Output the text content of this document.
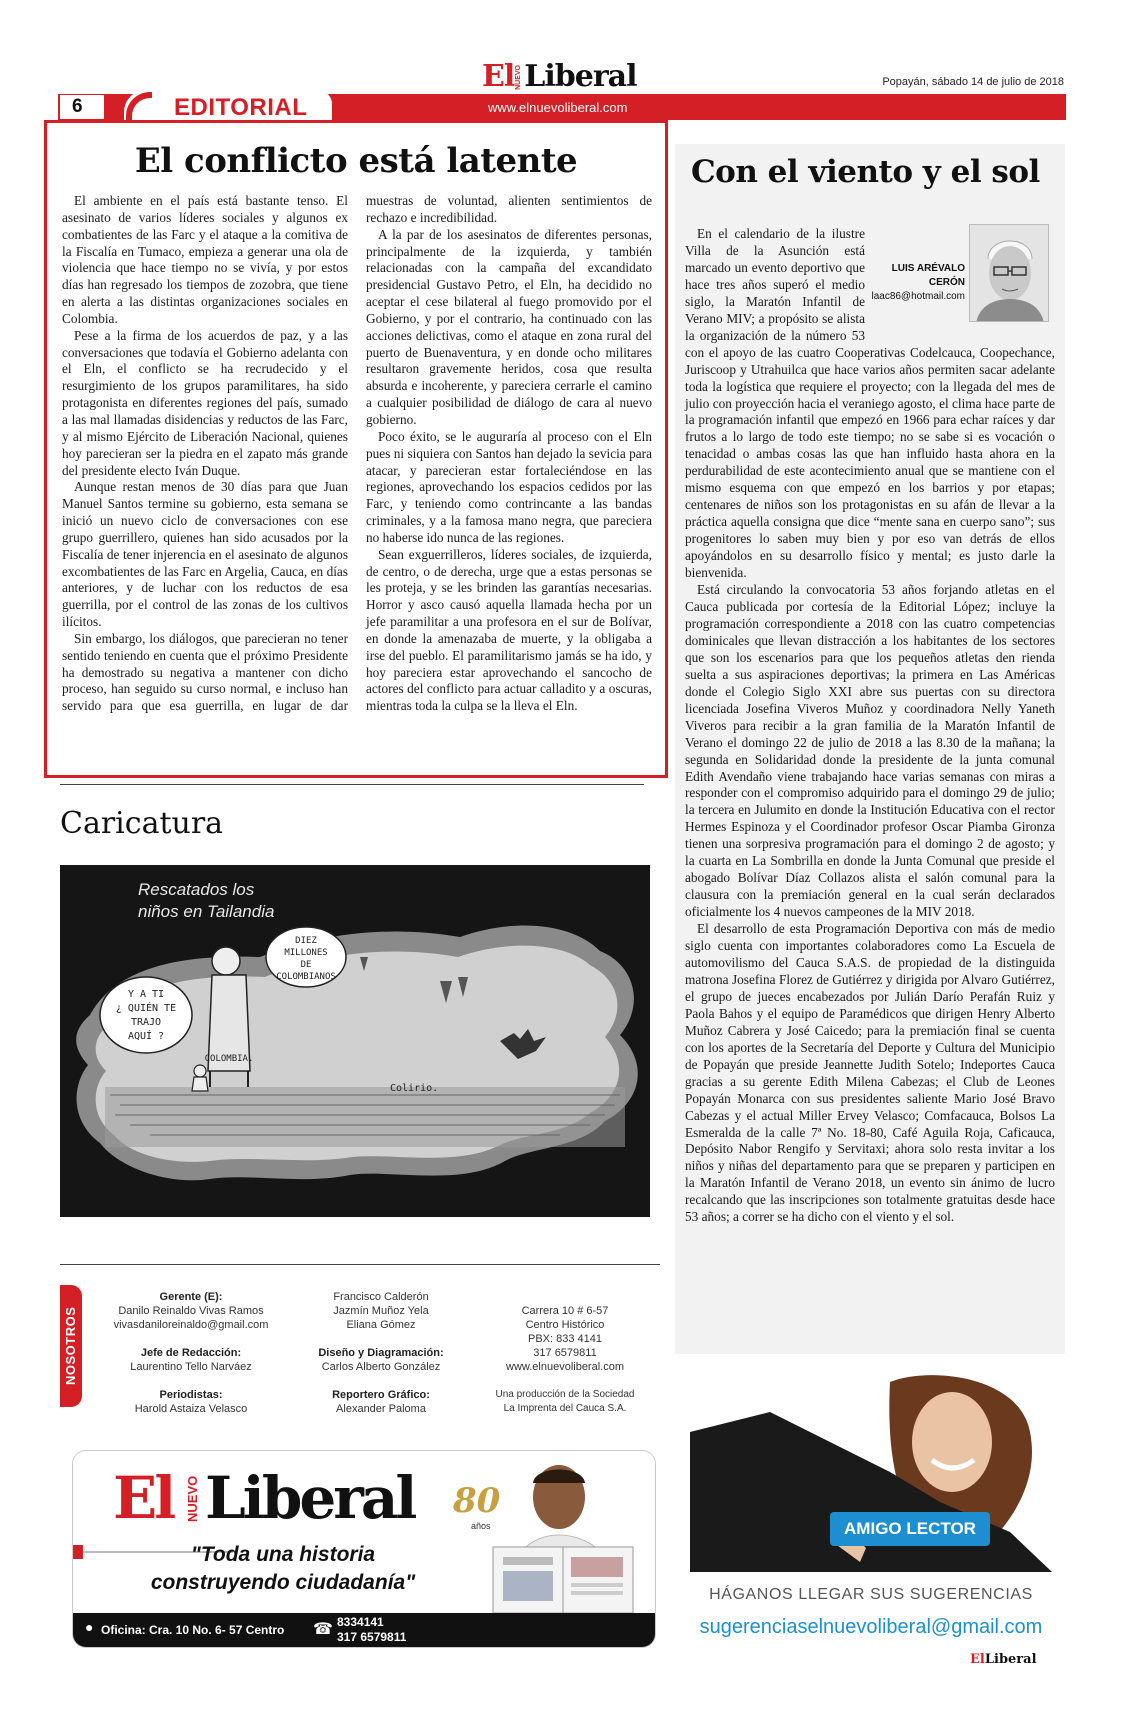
El NUEVO Liberal	Popayán, sábado 14 de julio de 2018
www.elnuevoliberal.com
6	EDITORIAL
El conflicto está latente

El ambiente en el país está bastante tenso. El asesinato de varios líderes sociales y algunos ex combatientes de las Farc y el ataque a la comitiva de la Fiscalía en Tumaco, empieza a generar una ola de violencia que hace tiempo no se vivía, y por estos días han regresado los tiempos de zozobra, que tiene en alerta a las distintas organizaciones sociales en Colombia.

Pese a la firma de los acuerdos de paz, y a las conversaciones que todavía el Gobierno adelanta con el Eln, el conflicto se ha recrudecido y el resurgimiento de los grupos paramilitares, ha sido protagonista en diferentes regiones del país, sumado a las mal llamadas disidencias y reductos de las Farc, y al mismo Ejército de Liberación Nacional, quienes hoy parecieran ser la piedra en el zapato más grande del presidente electo Iván Duque.

Aunque restan menos de 30 días para que Juan Manuel Santos termine su gobierno, esta semana se inició un nuevo ciclo de conversaciones con ese grupo guerrillero, quienes han sido acusados por la Fiscalía de tener injerencia en el asesinato de algunos excombatientes de las Farc en Argelia, Cauca, en días anteriores, y de luchar con los reductos de esa guerrilla, por el control de las zonas de los cultivos ilícitos.

Sin embargo, los diálogos, que parecieran no tener sentido teniendo en cuenta que el próximo Presidente ha demostrado su negativa a mantener con dicho proceso, han seguido su curso normal, e incluso han servido para que esa guerrilla, en lugar de dar muestras de voluntad, alienten sentimientos de rechazo e incredibilidad.

A la par de los asesinatos de diferentes personas, principalmente de la izquierda, y también relacionadas con la campaña del excandidato presidencial Gustavo Petro, el Eln, ha decidido no aceptar el cese bilateral al fuego promovido por el Gobierno, y por el contrario, ha continuado con las acciones delictivas, como el ataque en zona rural del puerto de Buenaventura, y en donde ocho militares resultaron gravemente heridos, cosa que resulta absurda e incoherente, y pareciera cerrarle el camino a cualquier posibilidad de diálogo de cara al nuevo gobierno.

Poco éxito, se le auguraría al proceso con el Eln pues ni siquiera con Santos han dejado la sevicia para atacar, y parecieran estar fortaleciéndose en las regiones, aprovechando los espacios cedidos por las Farc, y teniendo como contrincante a las bandas criminales, y a la famosa mano negra, que pareciera no haberse ido nunca de las regiones.

Sean exguerrilleros, líderes sociales, de izquierda, de centro, o de derecha, urge que a estas personas se les proteja, y se les brinden las garantías necesarias. Horror y asco causó aquella llamada hecha por un jefe paramilitar a una profesora en el sur de Bolívar, en donde la amenazaba de muerte, y la obligaba a irse del pueblo. El paramilitarismo jamás se ha ido, y hoy pareciera estar aprovechando el sancocho de actores del conflicto para actuar calladito y a oscuras, mientras toda la culpa se la lleva el Eln.

Caricatura
Y A TI
¿ QUIÉN TE
TRAJO
AQUÍ ?
DIEZ
MILLONES
DE
COLOMBIANOS
COLOMBIA.
Colirio.
Rescatados los
niños en Tailandia
NOSOTROS
Gerente (E):
Danilo Reinaldo Vivas Ramos
vivasdaniloreinaldo@gmail.com
Jefe de Redacción:
Laurentino Tello Narváez
Periodistas:
Harold Astaiza Velasco
Francisco Calderón
Jazmín Muñoz Yela
Eliana Gómez
Diseño y Diagramación:
Carlos Alberto González
Reportero Gráfico:
Alexander Paloma
Carrera 10 # 6-57
Centro Histórico
PBX: 833 4141
317 6579811
www.elnuevoliberal.com
Una producción de la Sociedad
La Imprenta del Cauca S.A.
El NUEVO Liberal 80
años
"Toda una historia
construyendo ciudadanía"
● Oficina: Cra. 10 No. 6- 57 Centro ☎ 8334141
317 6579811
Con el viento y el sol

En el calendario de la ilustre Villa de la Asunción está marcado un evento deportivo que hace tres años superó el medio siglo, la Maratón Infantil de Verano MIV; a propósito se alista la organización de la número 53 con el apoyo de las cuatro Cooperativas Codelcauca, Coopechance, Juriscoop y Utrahuilca que hace varios años permiten sacar adelante toda la logística que requiere el proyecto; con la llegada del mes de julio con proyección hacia el veraniego agosto, el clima hace parte de la programación infantil que empezó en 1966 para echar raíces y dar frutos a lo largo de todo este tiempo; no se sabe si es vocación o tenacidad o ambas cosas las que han influido hasta ahora en la perdurabilidad de este acontecimiento anual que se mantiene con el mismo esquema con que empezó en los barrios y por etapas; centenares de niños son los protagonistas en su afán de llevar a la práctica aquella consigna que dice “mente sana en cuerpo sano”; sus progenitores lo saben muy bien y por eso van detrás de ellos apoyándolos en su desarrollo físico y mental; es justo darle la bienvenida.

Está circulando la convocatoria 53 años forjando atletas en el Cauca publicada por cortesía de la Editorial López; incluye la programación correspondiente a 2018 con las cuatro competencias dominicales que llevan distracción a los habitantes de los sectores que son los escenarios para que los pequeños atletas den rienda suelta a sus aspiraciones deportivas; la primera en Las Américas donde el Colegio Siglo XXI abre sus puertas con su directora licenciada Josefina Viveros Muñoz y coordinadora Nelly Yaneth Viveros para recibir a la gran familia de la Maratón Infantil de Verano el domingo 22 de julio de 2018 a las 8.30 de la mañana; la segunda en Solidaridad donde la presidente de la junta comunal Edith Avendaño viene trabajando hace varias semanas con miras a responder con el compromiso adquirido para el domingo 29 de julio; la tercera en Julumito en donde la Institución Educativa con el rector Hermes Espinoza y el Coordinador profesor Oscar Piamba Gironza tienen una sorpresiva programación para el domingo 2 de agosto; y la cuarta en La Sombrilla en donde la Junta Comunal que preside el abogado Bolívar Díaz Collazos alista el salón comunal para la clausura con la premiación general en la cual serán declarados oficialmente los 4 nuevos campeones de la MIV 2018.

El desarrollo de esta Programación Deportiva con más de medio siglo cuenta con importantes colaboradores como La Escuela de automovilismo del Cauca S.A.S. de propiedad de la distinguida matrona Josefina Florez de Gutiérrez y dirigida por Alvaro Gutiérrez, el grupo de jueces encabezados por Julián Darío Perafán Ruiz y Paola Bahos y el equipo de Paramédicos que dirigen Henry Alberto Muñoz Cabrera y José Caicedo; para la premiación final se cuenta con los aportes de la Secretaría del Deporte y Cultura del Municipio de Popayán que preside Jeannette Judith Sotelo; Indeportes Cauca gracias a su gerente Edith Milena Cabezas; el Club de Leones Popayán Monarca con sus presidentes saliente Mario José Bravo Cabezas y el actual Miller Ervey Velasco; Comfacauca, Bolsos La Esmeralda de la calle 7ª No. 18-80, Café Aguila Roja, Caficauca, Depósito Nabor Rengifo y Servitaxi; ahora solo resta invitar a los niños y niñas del departamento para que se preparen y participen en la Maratón Infantil de Verano 2018, un evento sin ánimo de lucro recalcando que las inscripciones son totalmente gratuitas desde hace 53 años; a correr se ha dicho con el viento y el sol.

LUIS ARÉVALO CERÓN
laac86@hotmail.com
AMIGO LECTOR
HÁGANOS LLEGAR SUS SUGERENCIAS
sugerenciaselnuevoliberal@gmail.com
ElLiberal
